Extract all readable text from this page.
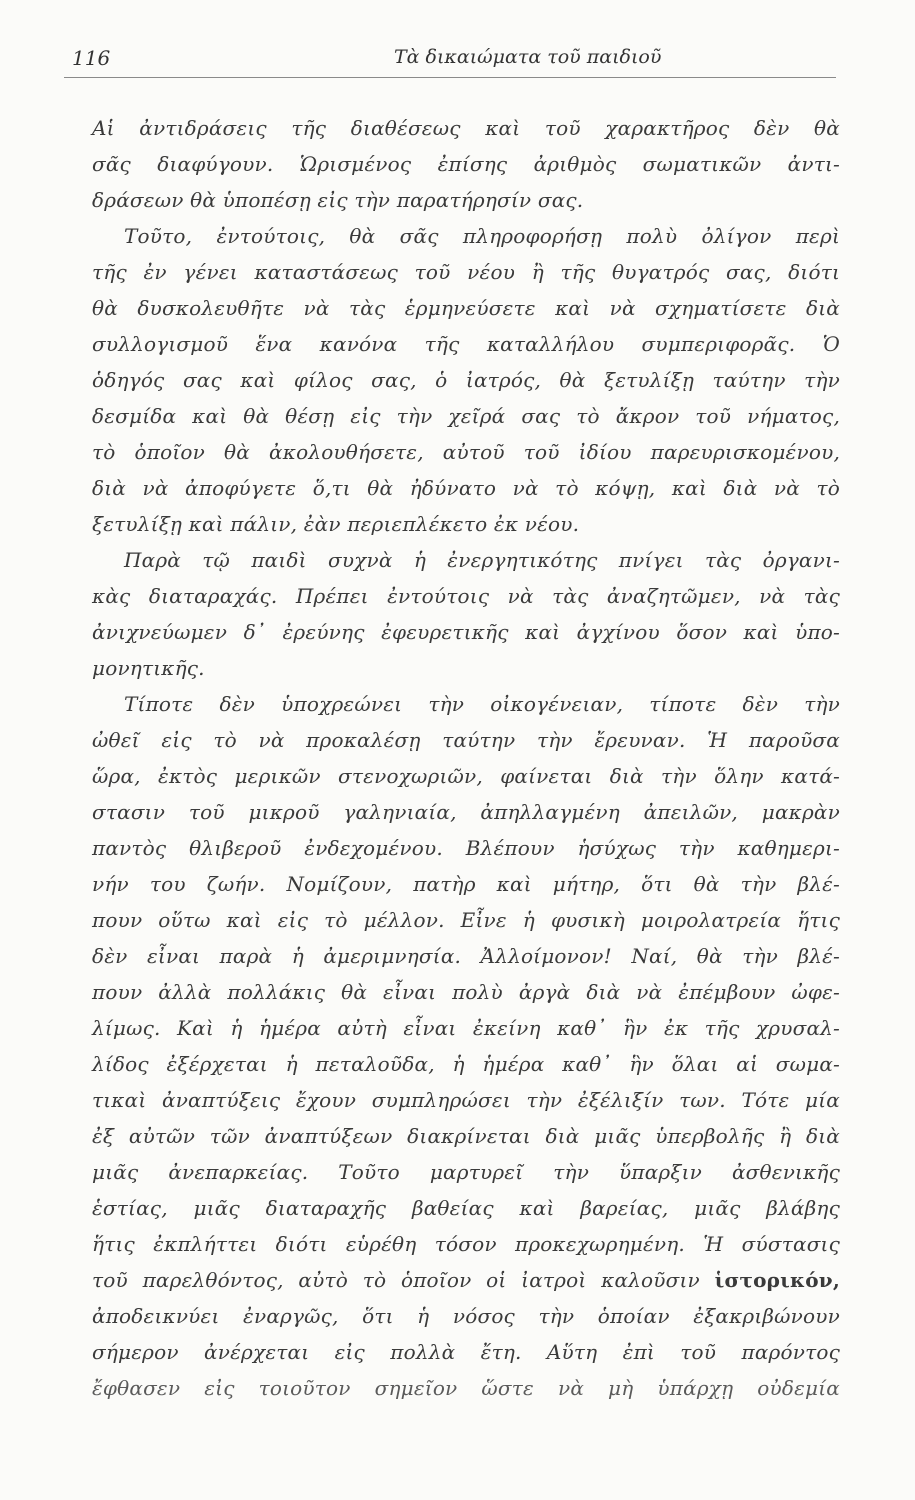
116	Τὰ δικαιώματα τοῦ παιδιοῦ
Αἱ ἀντιδράσεις τῆς διαθέσεως καὶ τοῦ χαρακτῆρος δὲν θὰ
σᾶς διαφύγουν. Ὡρισμένος ἐπίσης ἀριθμὸς σωματικῶν ἀντι-
δράσεων θὰ ὑποπέσῃ εἰς τὴν παρατήρησίν σας.
Τοῦτο, ἐντούτοις, θὰ σᾶς πληροφορήσῃ πολὺ ὀλίγον περὶ
τῆς ἐν γένει καταστάσεως τοῦ νέου ἢ τῆς θυγατρός σας, διότι
θὰ δυσκολευθῆτε νὰ τὰς ἑρμηνεύσετε καὶ νὰ σχηματίσετε διὰ
συλλογισμοῦ ἕνα κανόνα τῆς καταλλήλου συμπεριφορᾶς. Ὁ
ὁδηγός σας καὶ φίλος σας, ὁ ἰατρός, θὰ ξετυλίξῃ ταύτην τὴν
δεσμίδα καὶ θὰ θέσῃ εἰς τὴν χεῖρά σας τὸ ἄκρον τοῦ νήματος,
τὸ ὁποῖον θὰ ἀκολουθήσετε, αὐτοῦ τοῦ ἰδίου παρευρισκομένου,
διὰ νὰ ἀποφύγετε ὅ,τι θὰ ἠδύνατο νὰ τὸ κόψῃ, καὶ διὰ νὰ τὸ
ξετυλίξῃ καὶ πάλιν, ἐὰν περιεπλέκετο ἐκ νέου.
Παρὰ τῷ παιδὶ συχνὰ ἡ ἐνεργητικότης πνίγει τὰς ὀργανι-
κὰς διαταραχάς. Πρέπει ἐντούτοις νὰ τὰς ἀναζητῶμεν, νὰ τὰς
ἀνιχνεύωμεν δ᾽ ἐρεύνης ἐφευρετικῆς καὶ ἀγχίνου ὅσον καὶ ὑπο-
μονητικῆς.
Τίποτε δὲν ὑποχρεώνει τὴν οἰκογένειαν, τίποτε δὲν τὴν
ὠθεῖ εἰς τὸ νὰ προκαλέσῃ ταύτην τὴν ἔρευναν. Ἡ παροῦσα
ὥρα, ἐκτὸς μερικῶν στενοχωριῶν, φαίνεται διὰ τὴν ὅλην κατά-
στασιν τοῦ μικροῦ γαληνιαία, ἀπηλλαγμένη ἀπειλῶν, μακρὰν
παντὸς θλιβεροῦ ἐνδεχομένου. Βλέπουν ἡσύχως τὴν καθημερι-
νήν του ζωήν. Νομίζουν, πατὴρ καὶ μήτηρ, ὅτι θὰ τὴν βλέ-
πουν οὕτω καὶ εἰς τὸ μέλλον. Εἶνε ἡ φυσικὴ μοιρολατρεία ἥτις
δὲν εἶναι παρὰ ἡ ἀμεριμνησία. Ἀλλοίμονον! Ναί, θὰ τὴν βλέ-
πουν ἀλλὰ πολλάκις θὰ εἶναι πολὺ ἀργὰ διὰ νὰ ἐπέμβουν ὠφε-
λίμως. Καὶ ἡ ἡμέρα αὐτὴ εἶναι ἐκείνη καθ᾽ ἣν ἐκ τῆς χρυσαλ-
λίδος ἐξέρχεται ἡ πεταλοῦδα, ἡ ἡμέρα καθ᾽ ἣν ὅλαι αἱ σωμα-
τικαὶ ἀναπτύξεις ἔχουν συμπληρώσει τὴν ἐξέλιξίν των. Τότε μία
ἐξ αὐτῶν τῶν ἀναπτύξεων διακρίνεται διὰ μιᾶς ὑπερβολῆς ἢ διὰ
μιᾶς ἀνεπαρκείας. Τοῦτο μαρτυρεῖ τὴν ὕπαρξιν ἀσθενικῆς
ἑστίας, μιᾶς διαταραχῆς βαθείας καὶ βαρείας, μιᾶς βλάβης
ἥτις ἐκπλήττει διότι εὑρέθη τόσον προκεχωρημένη. Ἡ σύστασις
τοῦ παρελθόντος, αὐτὸ τὸ ὁποῖον οἱ ἰατροὶ καλοῦσιν ἱστορικόν,
ἀποδεικνύει ἐναργῶς, ὅτι ἡ νόσος τὴν ὁποίαν ἐξακριβώνουν
σήμερον ἀνέρχεται εἰς πολλὰ ἔτη. Αὕτη ἐπὶ τοῦ παρόντος
ἔφθασεν εἰς τοιοῦτον σημεῖον ὥστε νὰ μὴ ὑπάρχῃ οὐδεμία
